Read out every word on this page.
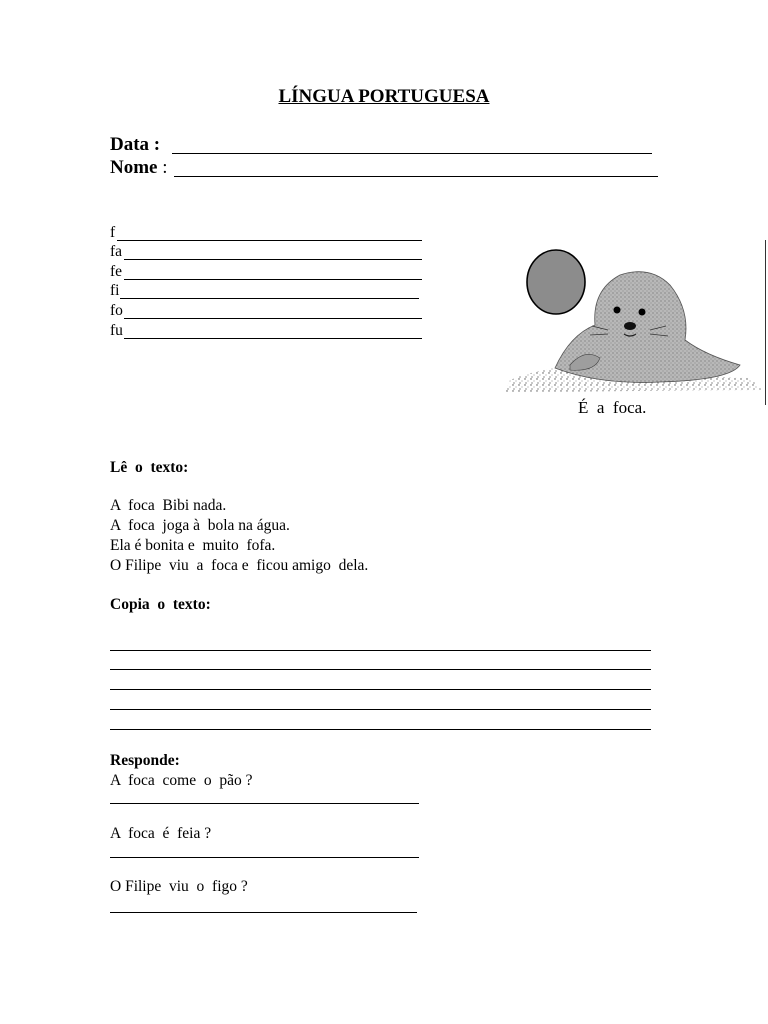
LÍNGUA PORTUGUESA
Data :
Nome :
f
fa
fe
fi
fo
fu
É  a  foca.
Lê  o  texto:
A  foca  Bibi nada.
A  foca  joga à  bola na água.
Ela é bonita e  muito  fofa.
O Filipe  viu  a  foca e  ficou amigo  dela.
Copia  o  texto:
Responde:
A  foca  come  o  pão ?
A  foca  é  feia ?
O Filipe  viu  o  figo ?
